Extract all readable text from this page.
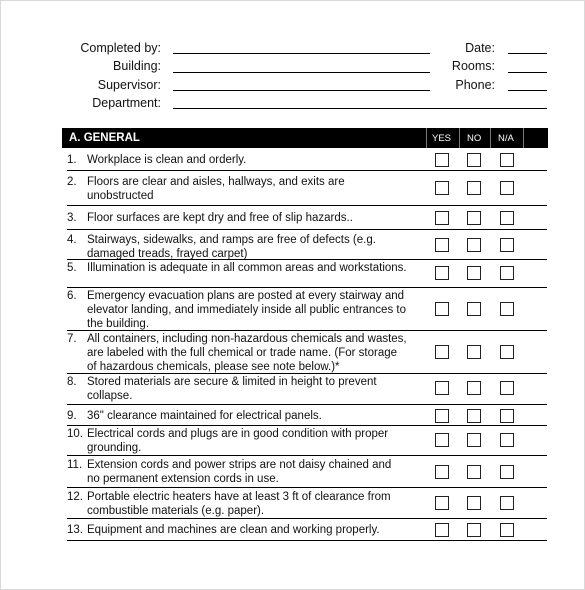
Completed by:
Building:
Supervisor:
Department:
Date:
Rooms:
Phone:
A. GENERAL	YES NO N/A
1. Workplace is clean and orderly.
2. Floors are clear and aisles, hallways, and exits are unobstructed
3. Floor surfaces are kept dry and free of slip hazards..
4. Stairways, sidewalks, and ramps are free of defects (e.g. damaged treads, frayed carpet)
5. Illumination is adequate in all common areas and workstations.
6. Emergency evacuation plans are posted at every stairway and elevator landing, and immediately inside all public entrances to the building.
7. All containers, including non-hazardous chemicals and wastes, are labeled with the full chemical or trade name. (For storage of hazardous chemicals, please see note below.)*
8. Stored materials are secure & limited in height to prevent collapse.
9. 36" clearance maintained for electrical panels.
10. Electrical cords and plugs are in good condition with proper grounding.
11. Extension cords and power strips are not daisy chained and no permanent extension cords in use.
12. Portable electric heaters have at least 3 ft of clearance from combustible materials (e.g. paper).
13. Equipment and machines are clean and working properly.
